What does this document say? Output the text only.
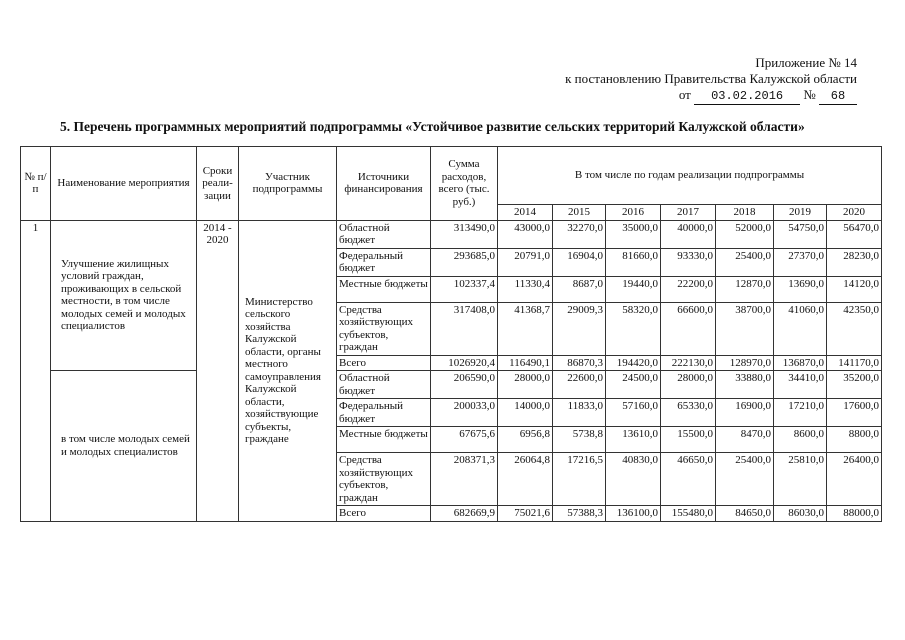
Приложение № 14
к постановлению Правительства Калужской области
от 03.02.2016 № 68
5. Перечень программных мероприятий подпрограммы «Устойчивое развитие сельских территорий Калужской области»
№ п/п	Наименование мероприятия	Сроки реали-зации	Участник подпрограммы	Источники финансирования	Сумма расходов, всего (тыс. руб.)	В том числе по годам реализации подпрограммы						
						2014	2015	2016	2017	2018	2019	2020
1	Улучшение жилищных условий граждан, проживающих в сельской местности, в том числе молодых семей и молодых специалистов	2014 - 2020	Министерство сельского хозяйства Калужской области, органы местного самоуправления Калужской области, хозяйствующие субъекты, граждане	Областной бюджет	313490,0	43000,0	32270,0	35000,0	40000,0	52000,0	54750,0	56470,0
				Федеральный бюджет	293685,0	20791,0	16904,0	81660,0	93330,0	25400,0	27370,0	28230,0
				Местные бюджеты	102337,4	11330,4	8687,0	19440,0	22200,0	12870,0	13690,0	14120,0
				Средства хозяйствующих субъектов, граждан	317408,0	41368,7	29009,3	58320,0	66600,0	38700,0	41060,0	42350,0
				Всего	1026920,4	116490,1	86870,3	194420,0	222130,0	128970,0	136870,0	141170,0
	в том числе молодых семей и молодых специалистов			Областной бюджет	206590,0	28000,0	22600,0	24500,0	28000,0	33880,0	34410,0	35200,0
				Федеральный бюджет	200033,0	14000,0	11833,0	57160,0	65330,0	16900,0	17210,0	17600,0
				Местные бюджеты	67675,6	6956,8	5738,8	13610,0	15500,0	8470,0	8600,0	8800,0
				Средства хозяйствующих субъектов, граждан	208371,3	26064,8	17216,5	40830,0	46650,0	25400,0	25810,0	26400,0
				Всего	682669,9	75021,6	57388,3	136100,0	155480,0	84650,0	86030,0	88000,0
